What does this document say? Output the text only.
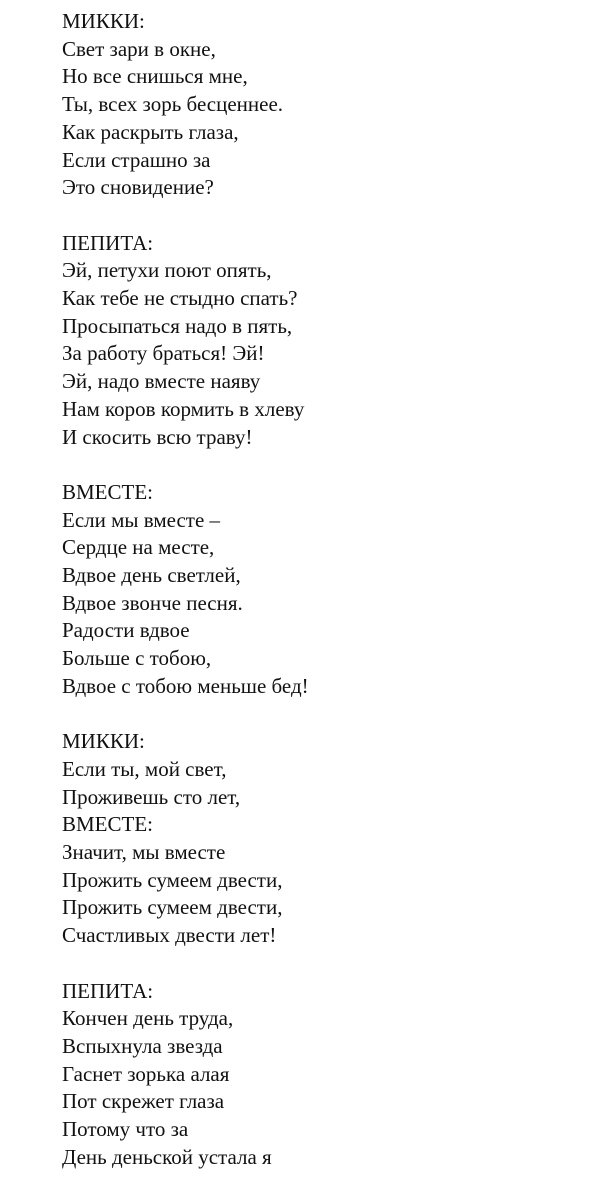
МИККИ:
Свет зари в окне,
Но все снишься мне,
Ты, всех зорь бесценнее.
Как раскрыть глаза,
Если страшно за
Это сновидение?
ПЕПИТА:
Эй, петухи поют опять,
Как тебе не стыдно спать?
Просыпаться надо в пять,
За работу браться! Эй!
Эй, надо вместе наяву
Нам коров кормить в хлеву
И скосить всю траву!
ВМЕСТЕ:
Если мы вместе –
Сердце на месте,
Вдвое день светлей,
Вдвое звонче песня.
Радости вдвое
Больше с тобою,
Вдвое с тобою меньше бед!
МИККИ:
Если ты, мой свет,
Проживешь сто лет,
ВМЕСТЕ:
Значит, мы вместе
Прожить сумеем двести,
Прожить сумеем двести,
Счастливых двести лет!
ПЕПИТА:
Кончен день труда,
Вспыхнула звезда
Гаснет зорька алая
Пот скрежет глаза
Потому что за
День деньской устала я
